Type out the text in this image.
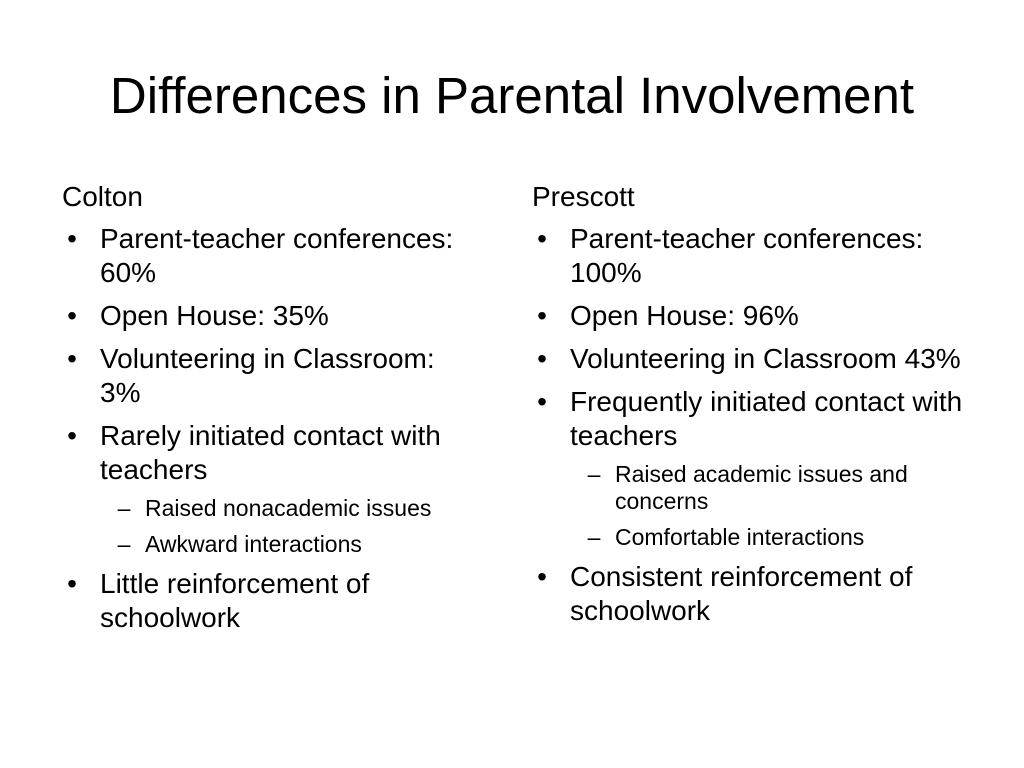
Differences in Parental Involvement
Colton
• Parent-teacher conferences: 60%
• Open House: 35%
• Volunteering in Classroom: 3%
• Rarely initiated contact with teachers
– Raised nonacademic issues
– Awkward interactions
• Little reinforcement of schoolwork
Prescott
• Parent-teacher conferences: 100%
• Open House: 96%
• Volunteering in Classroom 43%
• Frequently initiated contact with teachers
– Raised academic issues and concerns
– Comfortable interactions
• Consistent reinforcement of schoolwork
